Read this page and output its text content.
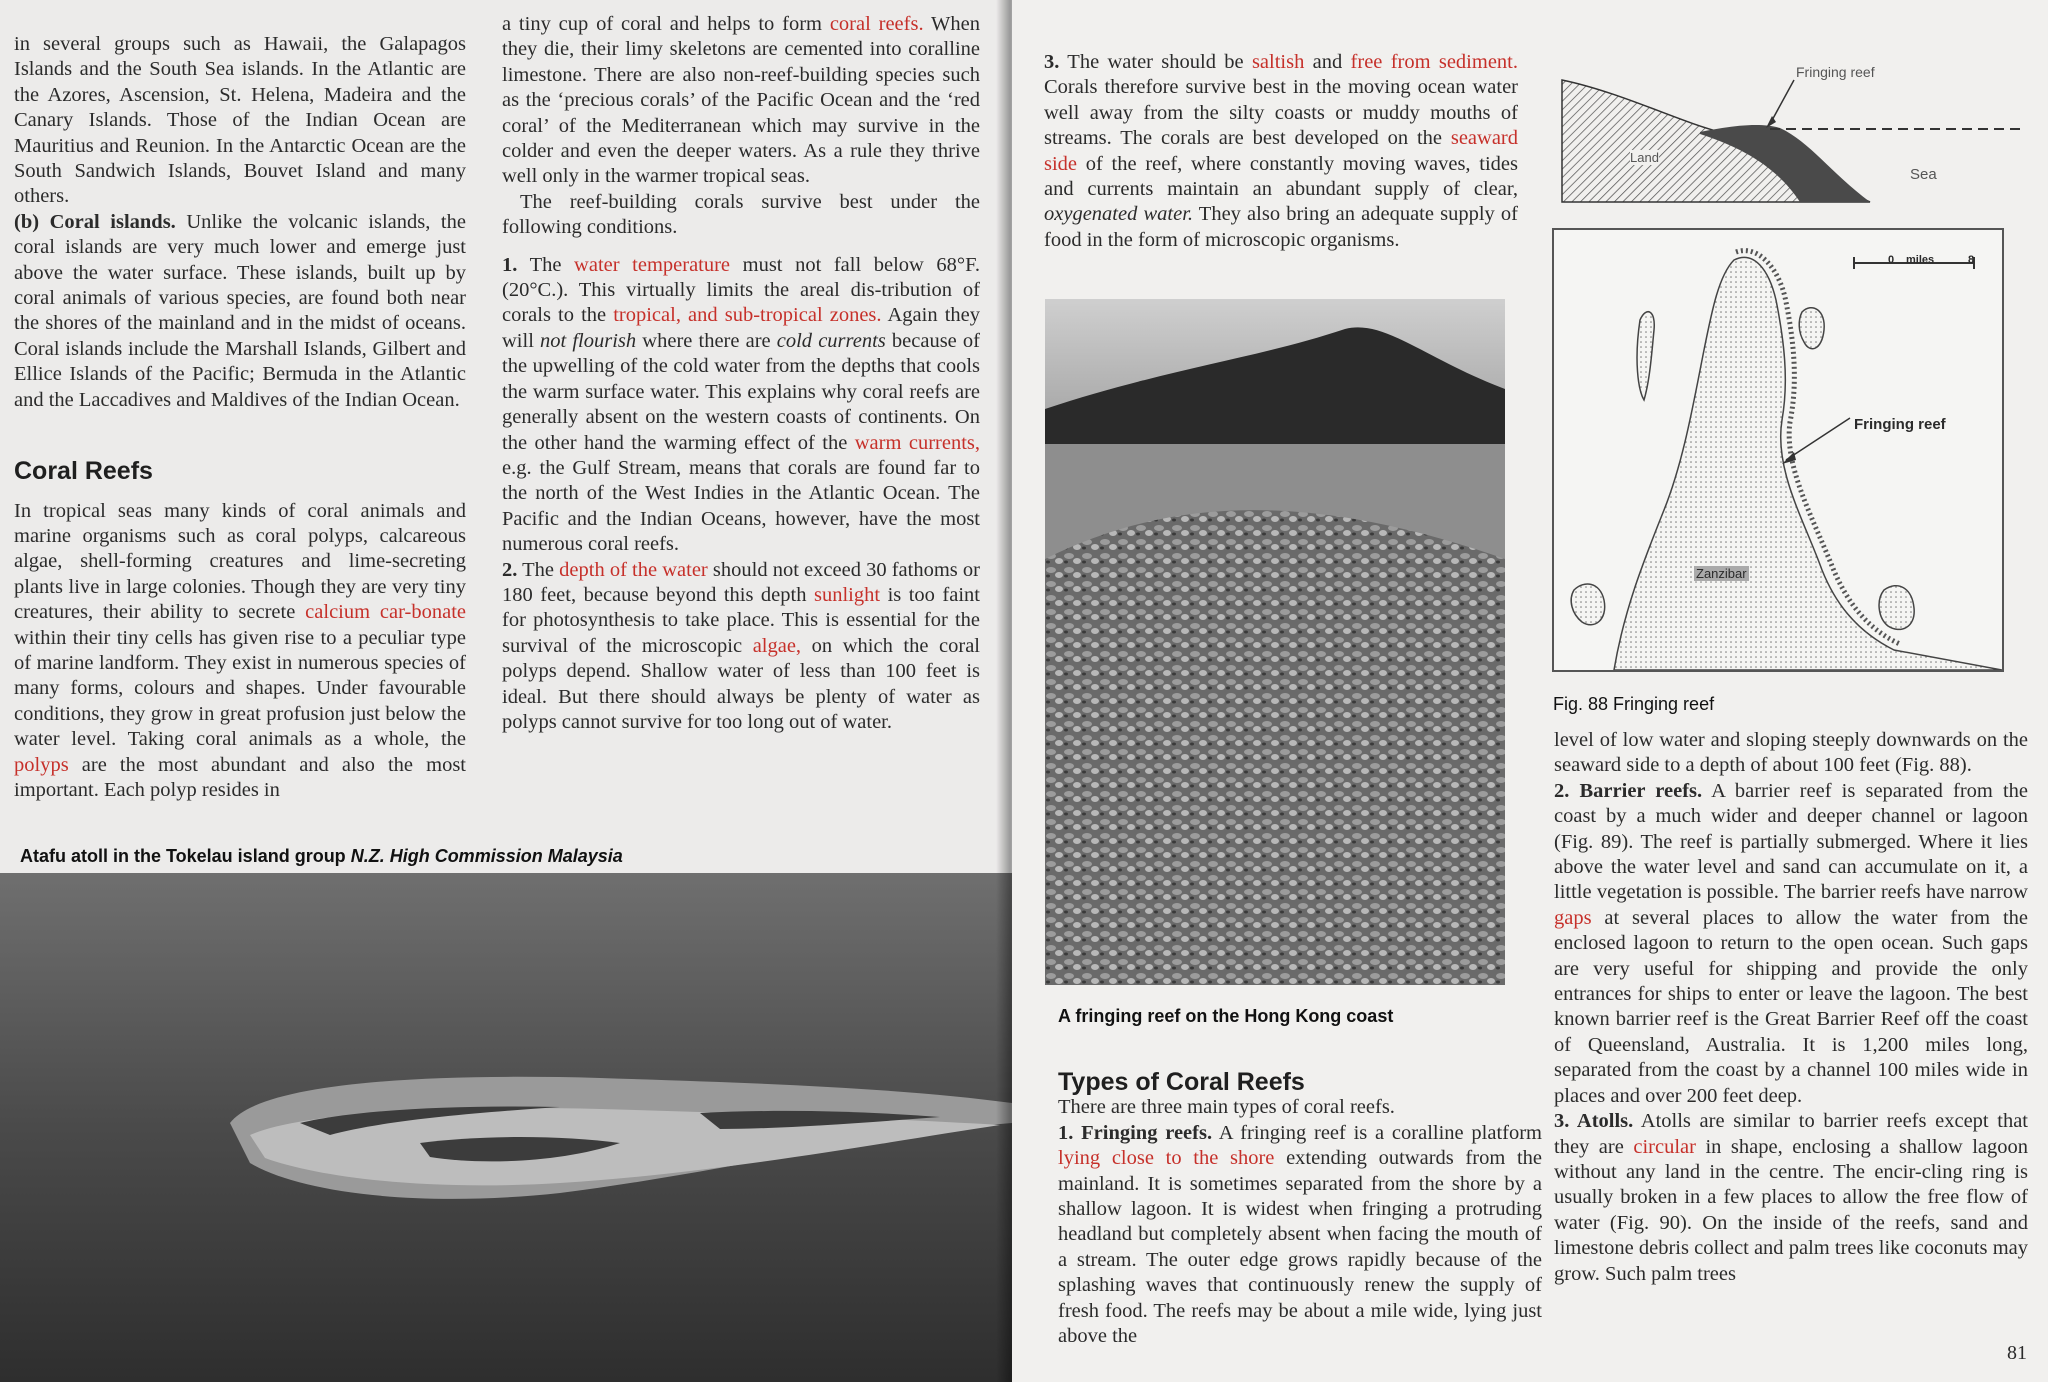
in several groups such as Hawaii, the Galapagos Islands and the South Sea islands. In the Atlantic are the Azores, Ascension, St. Helena, Madeira and the Canary Islands. Those of the Indian Ocean are Mauritius and Reunion. In the Antarctic Ocean are the South Sandwich Islands, Bouvet Island and many others.

(b) Coral islands. Unlike the volcanic islands, the coral islands are very much lower and emerge just above the water surface. These islands, built up by coral animals of various species, are found both near the shores of the mainland and in the midst of oceans. Coral islands include the Marshall Islands, Gilbert and Ellice Islands of the Pacific; Bermuda in the Atlantic and the Laccadives and Maldives of the Indian Ocean.

Coral Reefs

In tropical seas many kinds of coral animals and marine organisms such as coral polyps, calcareous algae, shell-forming creatures and lime-secreting plants live in large colonies. Though they are very tiny creatures, their ability to secrete calcium car-bonate within their tiny cells has given rise to a peculiar type of marine landform. They exist in numerous species of many forms, colours and shapes. Under favourable conditions, they grow in great profusion just below the water level. Taking coral animals as a whole, the polyps are the most abundant and also the most important. Each polyp resides in

a tiny cup of coral and helps to form coral reefs. When they die, their limy skeletons are cemented into coralline limestone. There are also non-reef-building species such as the ‘precious corals’ of the Pacific Ocean and the ‘red coral’ of the Mediterranean which may survive in the colder and even the deeper waters. As a rule they thrive well only in the warmer tropical seas.

The reef-building corals survive best under the following conditions.

1. The water temperature must not fall below 68°F. (20°C.). This virtually limits the areal dis-tribution of corals to the tropical, and sub-tropical zones. Again they will not flourish where there are cold currents because of the upwelling of the cold water from the depths that cools the warm surface water. This explains why coral reefs are generally absent on the western coasts of continents. On the other hand the warming effect of the warm currents, e.g. the Gulf Stream, means that corals are found far to the north of the West Indies in the Atlantic Ocean. The Pacific and the Indian Oceans, however, have the most numerous coral reefs.

2. The depth of the water should not exceed 30 fathoms or 180 feet, because beyond this depth sunlight is too faint for photosynthesis to take place. This is essential for the survival of the microscopic algae, on which the coral polyps depend. Shallow water of less than 100 feet is ideal. But there should always be plenty of water as polyps cannot survive for too long out of water.

Atafu atoll in the Tokelau island group N.Z. High Commission Malaysia

3. The water should be saltish and free from sediment. Corals therefore survive best in the moving ocean water well away from the silty coasts or muddy mouths of streams. The corals are best developed on the seaward side of the reef, where constantly moving waves, tides and currents maintain an abundant supply of clear, oxygenated water. They also bring an adequate supply of food in the form of microscopic organisms.

A fringing reef on the Hong Kong coast
Types of Coral Reefs

There are three main types of coral reefs.

1. Fringing reefs. A fringing reef is a coralline platform lying close to the shore extending outwards from the mainland. It is sometimes separated from the shore by a shallow lagoon. It is widest when fringing a protruding headland but completely absent when facing the mouth of a stream. The outer edge grows rapidly because of the splashing waves that continuously renew the supply of fresh food. The reefs may be about a mile wide, lying just above the

level of low water and sloping steeply downwards on the seaward side to a depth of about 100 feet (Fig. 88).

2. Barrier reefs. A barrier reef is separated from the coast by a much wider and deeper channel or lagoon (Fig. 89). The reef is partially submerged. Where it lies above the water level and sand can accumulate on it, a little vegetation is possible. The barrier reefs have narrow gaps at several places to allow the water from the enclosed lagoon to return to the open ocean. Such gaps are very useful for shipping and provide the only entrances for ships to enter or leave the lagoon. The best known barrier reef is the Great Barrier Reef off the coast of Queensland, Australia. It is 1,200 miles long, separated from the coast by a channel 100 miles wide in places and over 200 feet deep.

3. Atolls. Atolls are similar to barrier reefs except that they are circular in shape, enclosing a shallow lagoon without any land in the centre. The encir-cling ring is usually broken in a few places to allow the free flow of water (Fig. 90). On the inside of the reefs, sand and limestone debris collect and palm trees like coconuts may grow. Such palm trees

81
Fringing reef
Land
Sea
0 miles	8
Fringing reef
Zanzibar
Fig. 88 Fringing reef
